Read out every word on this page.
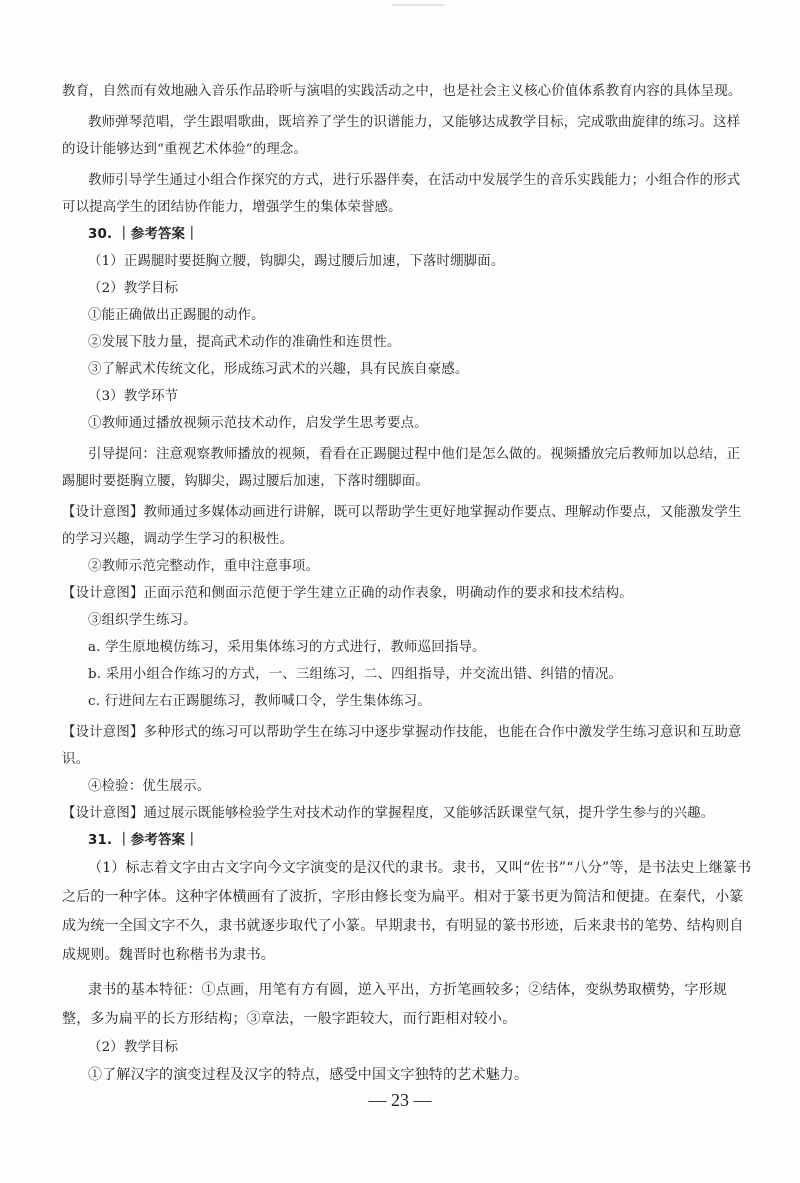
教育，自然而有效地融入音乐作品聆听与演唱的实践活动之中，也是社会主义核心价值体系教育内容的具体呈现。

教师弹琴范唱，学生跟唱歌曲，既培养了学生的识谱能力，又能够达成教学目标，完成歌曲旋律的练习。这样的设计能够达到“重视艺术体验”的理念。

教师引导学生通过小组合作探究的方式，进行乐器伴奏，在活动中发展学生的音乐实践能力；小组合作的形式可以提高学生的团结协作能力，增强学生的集体荣誉感。

30. ｜参考答案｜

（1）正踢腿时要挺胸立腰，钩脚尖，踢过腰后加速，下落时绷脚面。

（2）教学目标

①能正确做出正踢腿的动作。

②发展下肢力量，提高武术动作的准确性和连贯性。

③了解武术传统文化，形成练习武术的兴趣，具有民族自豪感。

（3）教学环节

①教师通过播放视频示范技术动作，启发学生思考要点。

引导提问：注意观察教师播放的视频，看看在正踢腿过程中他们是怎么做的。视频播放完后教师加以总结，正踢腿时要挺胸立腰，钩脚尖，踢过腰后加速，下落时绷脚面。

【设计意图】教师通过多媒体动画进行讲解，既可以帮助学生更好地掌握动作要点、理解动作要点，又能激发学生的学习兴趣，调动学生学习的积极性。

②教师示范完整动作，重申注意事项。

【设计意图】正面示范和侧面示范便于学生建立正确的动作表象，明确动作的要求和技术结构。

③组织学生练习。

a. 学生原地模仿练习，采用集体练习的方式进行，教师巡回指导。

b. 采用小组合作练习的方式，一、三组练习，二、四组指导，并交流出错、纠错的情况。

c. 行进间左右正踢腿练习，教师喊口令，学生集体练习。

【设计意图】多种形式的练习可以帮助学生在练习中逐步掌握动作技能，也能在合作中激发学生练习意识和互助意识。

④检验：优生展示。

【设计意图】通过展示既能够检验学生对技术动作的掌握程度，又能够活跃课堂气氛，提升学生参与的兴趣。

31. ｜参考答案｜

（1）标志着文字由古文字向今文字演变的是汉代的隶书。隶书，又叫“佐书”“八分”等，是书法史上继篆书之后的一种字体。这种字体横画有了波折，字形由修长变为扁平。相对于篆书更为简洁和便捷。在秦代，小篆成为统一全国文字不久，隶书就逐步取代了小篆。早期隶书，有明显的篆书形迹，后来隶书的笔势、结构则自成规则。魏晋时也称楷书为隶书。

隶书的基本特征：①点画，用笔有方有圆，逆入平出，方折笔画较多；②结体，变纵势取横势，字形规整，多为扁平的长方形结构；③章法，一般字距较大，而行距相对较小。

（2）教学目标

①了解汉字的演变过程及汉字的特点，感受中国文字独特的艺术魅力。

— 23 —
